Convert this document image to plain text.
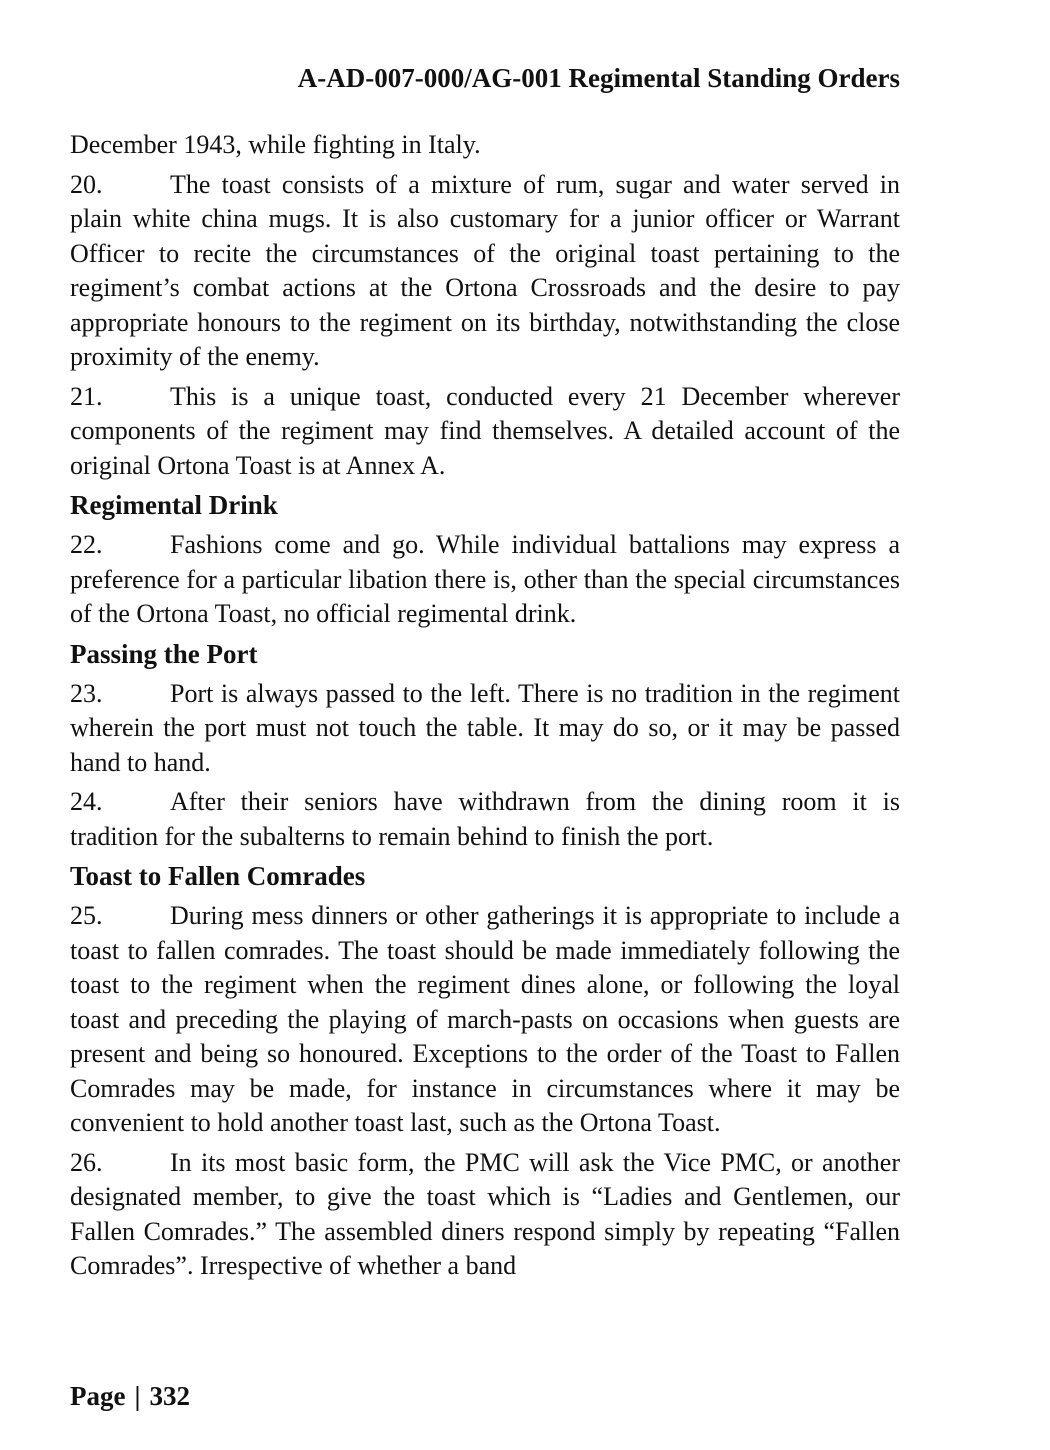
A-AD-007-000/AG-001 Regimental Standing Orders

December 1943, while fighting in Italy.

20.	The toast consists of a mixture of rum, sugar and water served in plain white china mugs. It is also customary for a junior officer or Warrant Officer to recite the circumstances of the original toast pertaining to the regiment’s combat actions at the Ortona Crossroads and the desire to pay appropriate honours to the regiment on its birthday, notwithstanding the close proximity of the enemy.

21.	This is a unique toast, conducted every 21 December wherever components of the regiment may find themselves. A detailed account of the original Ortona Toast is at Annex A.

Regimental Drink

22.	Fashions come and go. While individual battalions may express a preference for a particular libation there is, other than the special circumstances of the Ortona Toast, no official regimental drink.

Passing the Port

23.	Port is always passed to the left. There is no tradition in the regiment wherein the port must not touch the table. It may do so, or it may be passed hand to hand.

24.	After their seniors have withdrawn from the dining room it is tradition for the subalterns to remain behind to finish the port.

Toast to Fallen Comrades

25.	During mess dinners or other gatherings it is appropriate to include a toast to fallen comrades. The toast should be made immediately following the toast to the regiment when the regiment dines alone, or following the loyal toast and preceding the playing of march-pasts on occasions when guests are present and being so honoured. Exceptions to the order of the Toast to Fallen Comrades may be made, for instance in circumstances where it may be convenient to hold another toast last, such as the Ortona Toast.

26.	In its most basic form, the PMC will ask the Vice PMC, or another designated member, to give the toast which is “Ladies and Gentlemen, our Fallen Comrades.” The assembled diners respond simply by repeating “Fallen Comrades”. Irrespective of whether a band

Page | 332
